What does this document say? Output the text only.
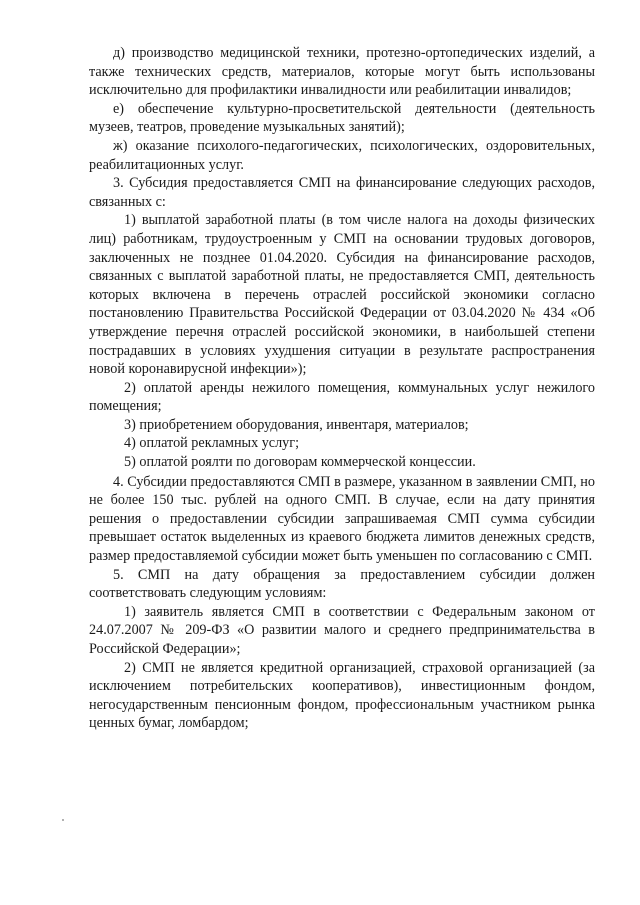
д) производство медицинской техники, протезно-ортопедических изделий, а также технических средств, материалов, которые могут быть использованы исключительно для профилактики инвалидности или реабилитации инвалидов;

е) обеспечение культурно-просветительской деятельности (деятельность музеев, театров, проведение музыкальных занятий);

ж) оказание психолого-педагогических, психологических, оздоровительных, реабилитационных услуг.

3. Субсидия предоставляется СМП на финансирование следующих расходов, связанных с:

1) выплатой заработной платы (в том числе налога на доходы физических лиц) работникам, трудоустроенным у СМП на основании трудовых договоров, заключенных не позднее 01.04.2020. Субсидия на финансирование расходов, связанных с выплатой заработной платы, не предоставляется СМП, деятельность которых включена в перечень отраслей российской экономики согласно постановлению Правительства Российской Федерации от 03.04.2020 № 434 «Об утверждение перечня отраслей российской экономики, в наибольшей степени пострадавших в условиях ухудшения ситуации в результате распространения новой коронавирусной инфекции»);

2) оплатой аренды нежилого помещения, коммунальных услуг нежилого помещения;

3) приобретением оборудования, инвентаря, материалов;

4) оплатой рекламных услуг;

5) оплатой роялти по договорам коммерческой концессии.

4. Субсидии предоставляются СМП в размере, указанном в заявлении СМП, но не более 150 тыс. рублей на одного СМП. В случае, если на дату принятия решения о предоставлении субсидии запрашиваемая СМП сумма субсидии превышает остаток выделенных из краевого бюджета лимитов денежных средств, размер предоставляемой субсидии может быть уменьшен по согласованию с СМП.

5. СМП на дату обращения за предоставлением субсидии должен соответствовать следующим условиям:

1) заявитель является СМП в соответствии с Федеральным законом от 24.07.2007 № 209-ФЗ «О развитии малого и среднего предпринимательства в Российской Федерации»;

2) СМП не является кредитной организацией, страховой организацией (за исключением потребительских кооперативов), инвестиционным фондом, негосударственным пенсионным фондом, профессиональным участником рынка ценных бумаг, ломбардом;
